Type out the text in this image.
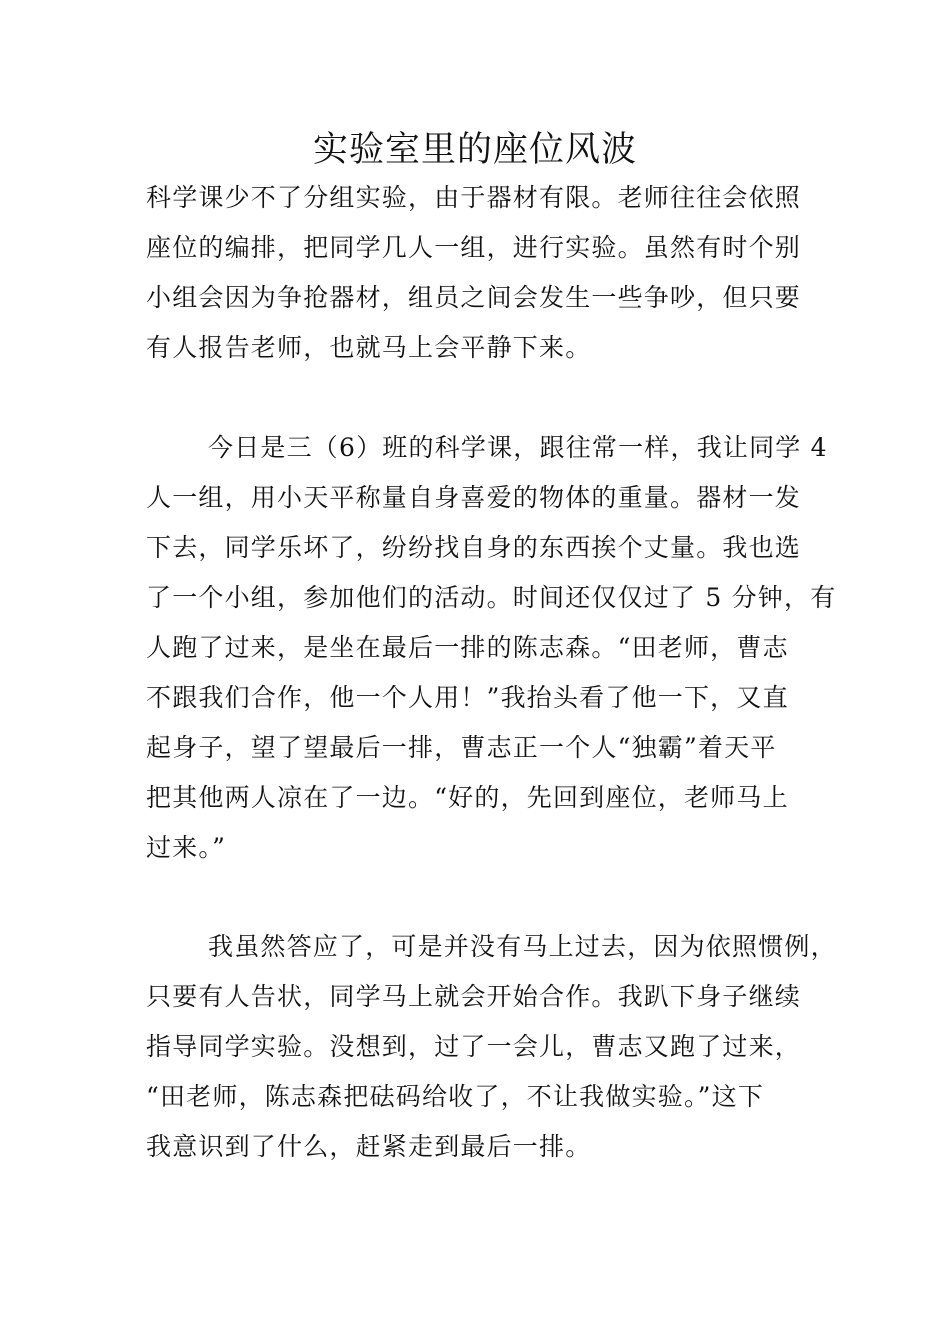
实验室里的座位风波
科学课少不了分组实验，由于器材有限。老师往往会依照
座位的编排，把同学几人一组，进行实验。虽然有时个别
小组会因为争抢器材，组员之间会发生一些争吵，但只要
有人报告老师，也就马上会平静下来。
今日是三（6）班的科学课，跟往常一样，我让同学 4
人一组，用小天平称量自身喜爱的物体的重量。器材一发
下去，同学乐坏了，纷纷找自身的东西挨个丈量。我也选
了一个小组，参加他们的活动。时间还仅仅过了 5 分钟，有
人跑了过来，是坐在最后一排的陈志森。“田老师，曹志
不跟我们合作，他一个人用！”我抬头看了他一下，又直
起身子，望了望最后一排，曹志正一个人“独霸”着天平
把其他两人凉在了一边。“好的，先回到座位，老师马上
过来。”
我虽然答应了，可是并没有马上过去，因为依照惯例，
只要有人告状，同学马上就会开始合作。我趴下身子继续
指导同学实验。没想到，过了一会儿，曹志又跑了过来，
“田老师，陈志森把砝码给收了，不让我做实验。”这下
我意识到了什么，赶紧走到最后一排。
